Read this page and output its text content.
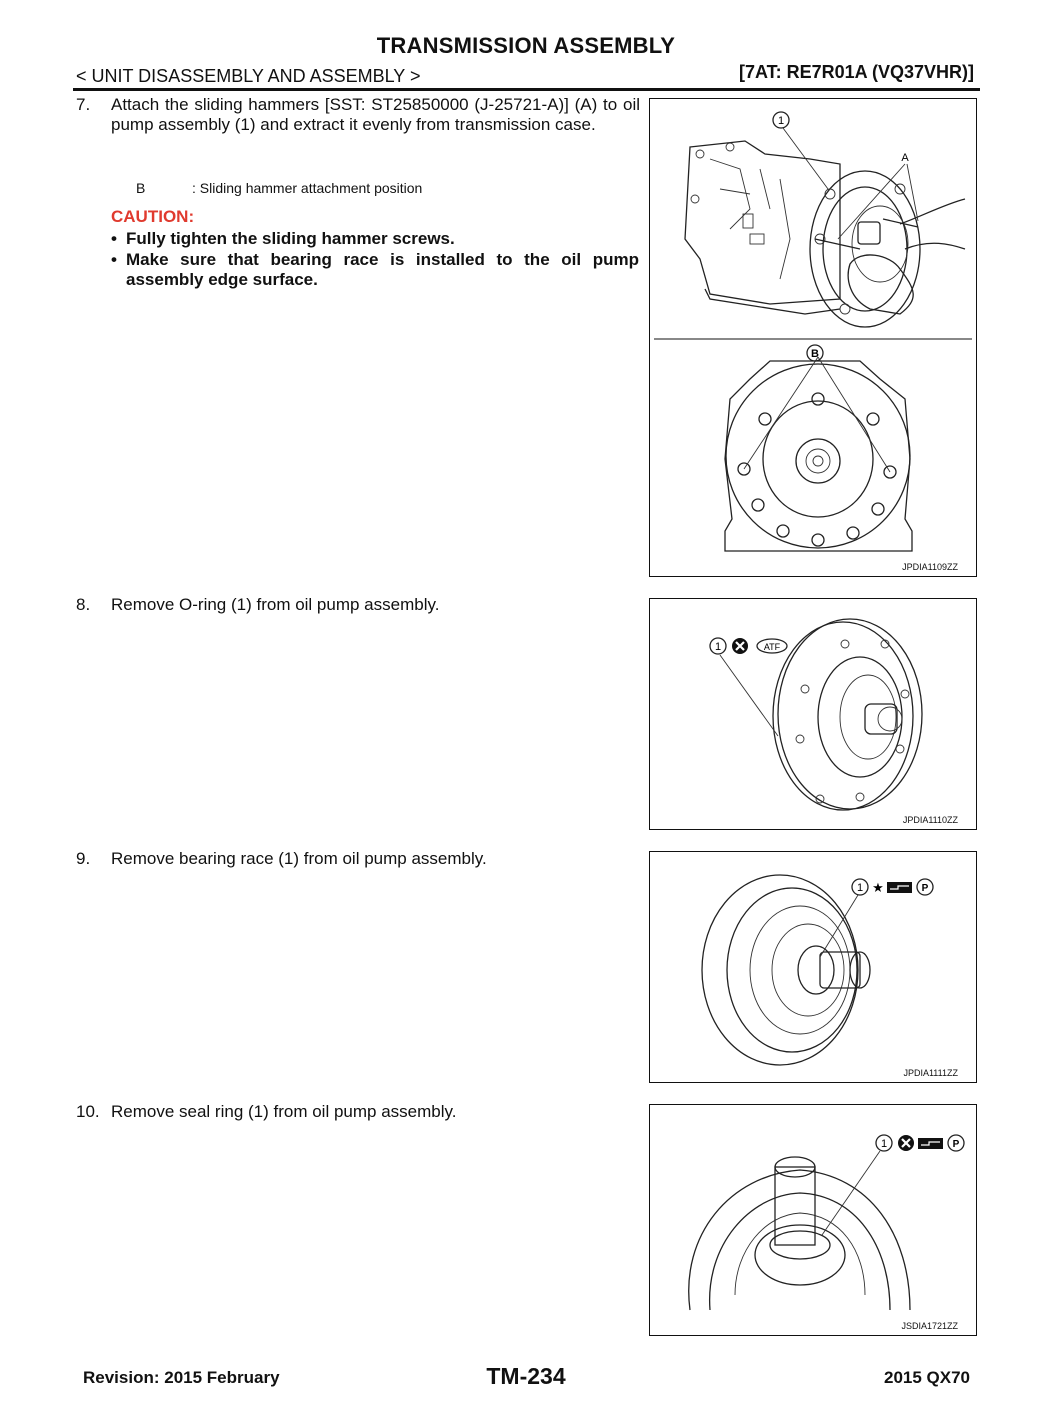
TRANSMISSION ASSEMBLY
< UNIT DISASSEMBLY AND ASSEMBLY >	[7AT: RE7R01A (VQ37VHR)]
7. Attach the sliding hammers [SST: ST25850000 (J-25721-A)] (A) to oil pump assembly (1) and extract it evenly from transmission case.
B	: Sliding hammer attachment position
CAUTION:
• Fully tighten the sliding hammer screws.
• Make sure that bearing race is installed to the oil pump assembly edge surface.
1
A
B
JPDIA1109ZZ
8. Remove O-ring (1) from oil pump assembly.
1	ATF
JPDIA1110ZZ
9. Remove bearing race (1) from oil pump assembly.
1 ★	P
JPDIA1111ZZ
10. Remove seal ring (1) from oil pump assembly.
1	P
JSDIA1721ZZ
Revision: 2015 February	TM-234	2015 QX70
